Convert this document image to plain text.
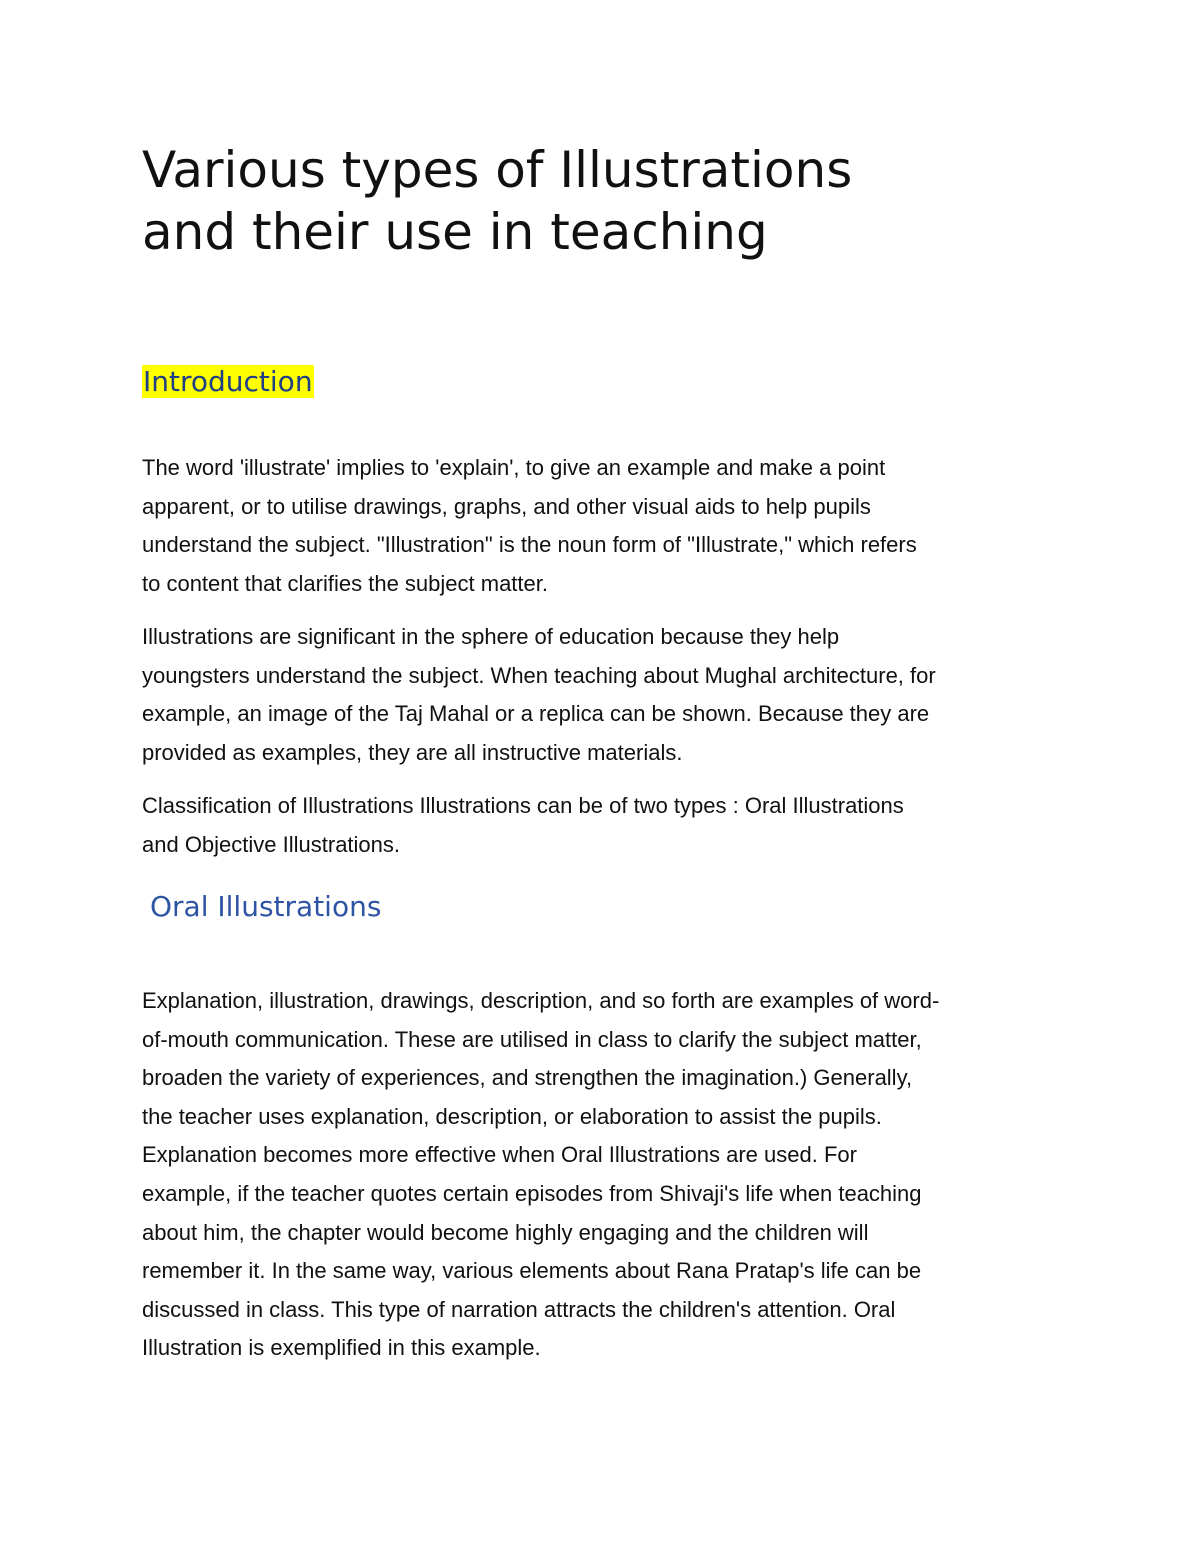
Various types of Illustrations
and their use in teaching
Introduction

The word 'illustrate' implies to 'explain', to give an example and make a point
apparent, or to utilise drawings, graphs, and other visual aids to help pupils
understand the subject. "Illustration" is the noun form of "Illustrate," which refers
to content that clarifies the subject matter.

Illustrations are significant in the sphere of education because they help
youngsters understand the subject. When teaching about Mughal architecture, for
example, an image of the Taj Mahal or a replica can be shown. Because they are
provided as examples, they are all instructive materials.

Classification of Illustrations Illustrations can be of two types : Oral Illustrations
and Objective Illustrations.

Oral Illustrations

Explanation, illustration, drawings, description, and so forth are examples of word-
of-mouth communication. These are utilised in class to clarify the subject matter,
broaden the variety of experiences, and strengthen the imagination.) Generally,
the teacher uses explanation, description, or elaboration to assist the pupils.
Explanation becomes more effective when Oral Illustrations are used. For
example, if the teacher quotes certain episodes from Shivaji's life when teaching
about him, the chapter would become highly engaging and the children will
remember it. In the same way, various elements about Rana Pratap's life can be
discussed in class. This type of narration attracts the children's attention. Oral
Illustration is exemplified in this example.
